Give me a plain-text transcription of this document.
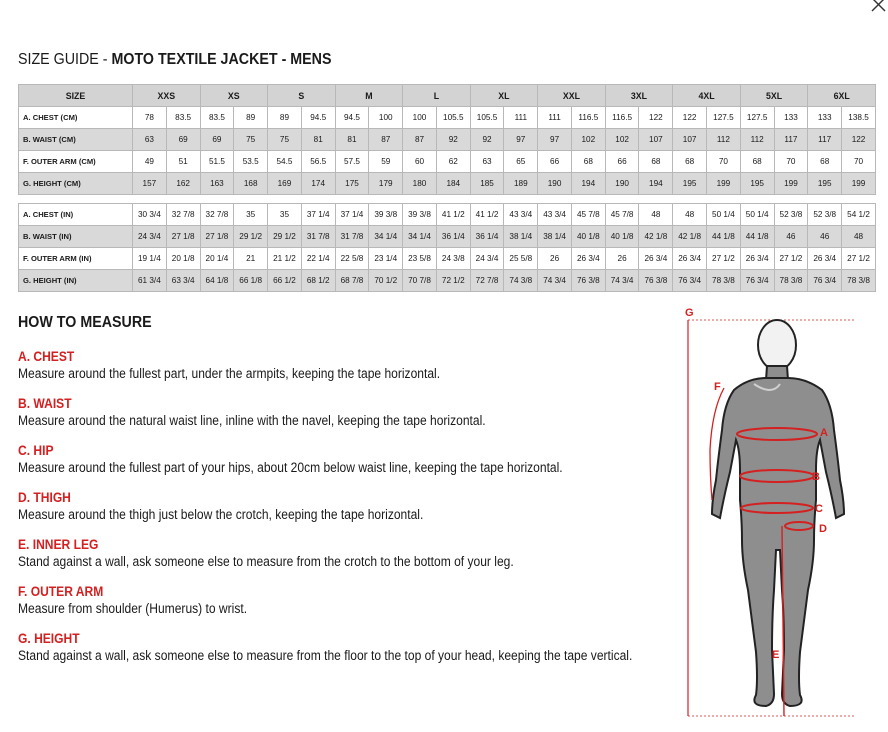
SIZE GUIDE - MOTO TEXTILE JACKET - MENS
SIZE	XXS		XS		S		M		L		XL		XXL		3XL		4XL		5XL		6XL	
A. CHEST (CM)	78	83.5	83.5	89	89	94.5	94.5	100	100	105.5	105.5	111	111	116.5	116.5	122	122	127.5	127.5	133	133	138.5
B. WAIST (CM)	63	69	69	75	75	81	81	87	87	92	92	97	97	102	102	107	107	112	112	117	117	122
F. OUTER ARM (CM)	49	51	51.5	53.5	54.5	56.5	57.5	59	60	62	63	65	66	68	66	68	68	70	68	70	68	70
G. HEIGHT (CM)	157	162	163	168	169	174	175	179	180	184	185	189	190	194	190	194	195	199	195	199	195	199

A. CHEST (IN)	30 3/4	32 7/8	32 7/8	35	35	37 1/4	37 1/4	39 3/8	39 3/8	41 1/2	41 1/2	43 3/4	43 3/4	45 7/8	45 7/8	48	48	50 1/4	50 1/4	52 3/8	52 3/8	54 1/2
B. WAIST (IN)	24 3/4	27 1/8	27 1/8	29 1/2	29 1/2	31 7/8	31 7/8	34 1/4	34 1/4	36 1/4	36 1/4	38 1/4	38 1/4	40 1/8	40 1/8	42 1/8	42 1/8	44 1/8	44 1/8	46	46	48
F. OUTER ARM (IN)	19 1/4	20 1/8	20 1/4	21	21 1/2	22 1/4	22 5/8	23 1/4	23 5/8	24 3/8	24 3/4	25 5/8	26	26 3/4	26	26 3/4	26 3/4	27 1/2	26 3/4	27 1/2	26 3/4	27 1/2
G. HEIGHT (IN)	61 3/4	63 3/4	64 1/8	66 1/8	66 1/2	68 1/2	68 7/8	70 1/2	70 7/8	72 1/2	72 7/8	74 3/8	74 3/4	76 3/8	74 3/4	76 3/8	76 3/4	78 3/8	76 3/4	78 3/8	76 3/4	78 3/8
HOW TO MEASURE
A. CHEST
Measure around the fullest part, under the armpits, keeping the tape horizontal.
B. WAIST
Measure around the natural waist line, inline with the navel, keeping the tape horizontal.
C. HIP
Measure around the fullest part of your hips, about 20cm below waist line, keeping the tape horizontal.
D. THIGH
Measure around the thigh just below the crotch, keeping the tape horizontal.
E. INNER LEG
Stand against a wall, ask someone else to measure from the crotch to the bottom of your leg.
F. OUTER ARM
Measure from shoulder (Humerus) to wrist.
G. HEIGHT
Stand against a wall, ask someone else to measure from the floor to the top of your head, keeping the tape vertical.
G
F
A
B
C
D
E
